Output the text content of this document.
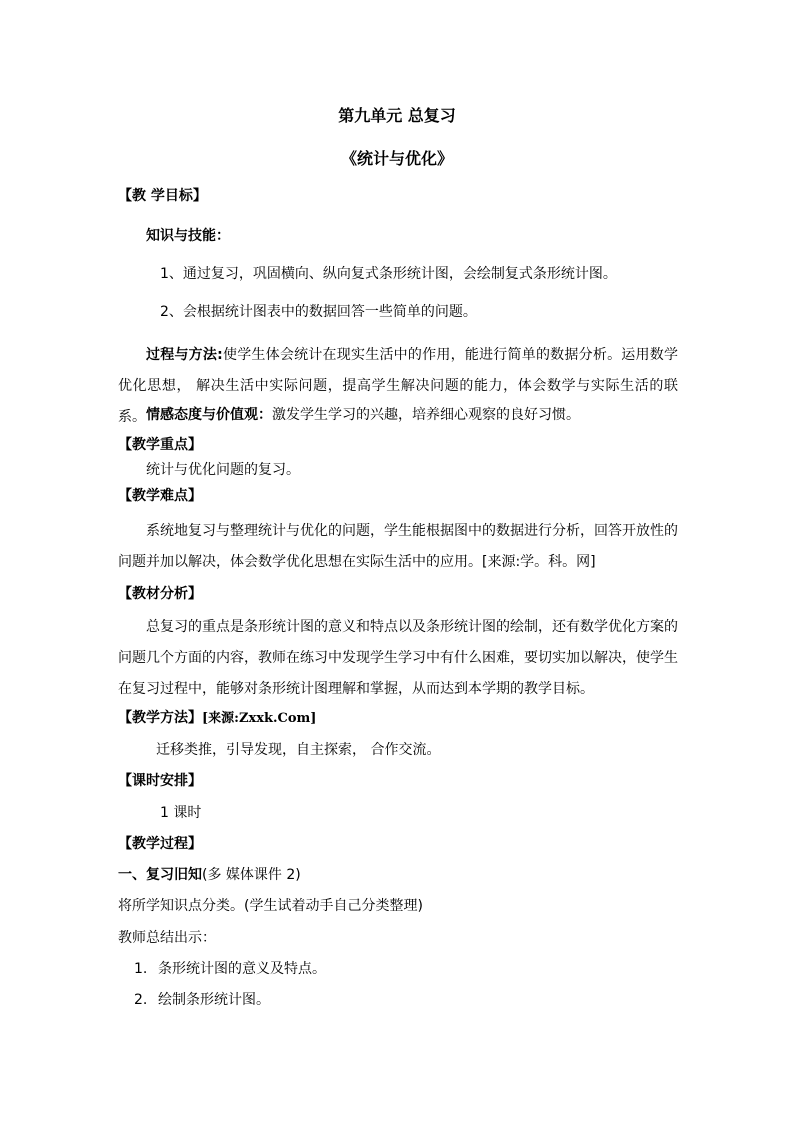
第九单元 总复习
《统计与优化》
【教 学目标】
知识与技能：
1、通过复习，巩固横向、纵向复式条形统计图，会绘制复式条形统计图。
2、会根据统计图表中的数据回答一些简单的问题。
过程与方法:使学生体会统计在现实生活中的作用，能进行简单的数据分析。运用数学优化思想， 解决生活中实际问题，提高学生解决问题的能力，体会数学与实际生活的联系。 情感态度与价值观：激发学生学习的兴趣，培养细心观察的良好习惯。
【教学重点】
统计与优化问题的复习。
【教学难点】
系统地复习与整理统计与优化的问题，学生能根据图中的数据进行分析，回答开放性的问题并加以解决，体会数学优化思想在实际生活中的应用。[来源:学。科。网]
【教材分析】
总复习的重点是条形统计图的意义和特点以及条形统计图的绘制，还有数学优化方案的问题几个方面的内容，教师在练习中发现学生学习中有什么困难，要切实加以解决，使学生在复习过程中，能够对条形统计图理解和掌握，从而达到本学期的教学目标。
【教学方法】[来源:Zxxk.Com]
迁移类推，引导发现，自主探索， 合作交流。
【课时安排】
1 课时
【教学过程】
一、复习旧知(多 媒体课件 2)
将所学知识点分类。(学生试着动手自己分类整理)
教师总结出示：
1. 条形统计图的意义及特点。
2. 绘制条形统计图。
